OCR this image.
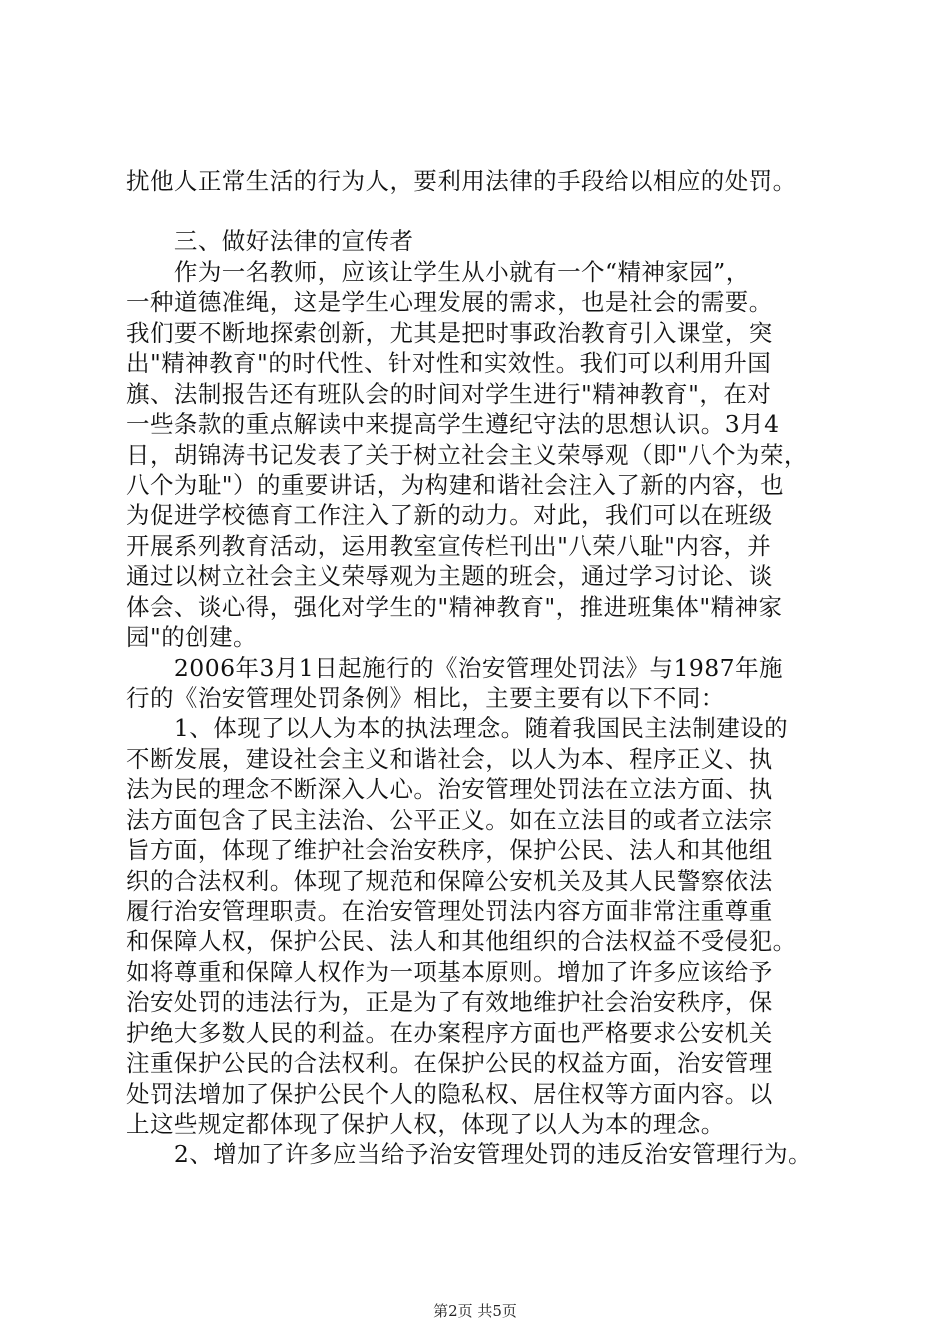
扰他人正常生活的行为人，要利用法律的手段给以相应的处罚。
　　三、做好法律的宣传者
　　作为一名教师，应该让学生从小就有一个“精神家园”，
一种道德准绳，这是学生心理发展的需求，也是社会的需要。
我们要不断地探索创新，尤其是把时事政治教育引入课堂，突
出"精神教育"的时代性、针对性和实效性。我们可以利用升国
旗、法制报告还有班队会的时间对学生进行"精神教育"，在对
一些条款的重点解读中来提高学生遵纪守法的思想认识。3月4
日，胡锦涛书记发表了关于树立社会主义荣辱观（即"八个为荣，
八个为耻"）的重要讲话，为构建和谐社会注入了新的内容，也
为促进学校德育工作注入了新的动力。对此，我们可以在班级
开展系列教育活动，运用教室宣传栏刊出"八荣八耻"内容，并
通过以树立社会主义荣辱观为主题的班会，通过学习讨论、谈
体会、谈心得，强化对学生的"精神教育"，推进班集体"精神家
园"的创建。
　　2006年3月1日起施行的《治安管理处罚法》与1987年施
行的《治安管理处罚条例》相比，主要主要有以下不同：
　　1、体现了以人为本的执法理念。随着我国民主法制建设的
不断发展，建设社会主义和谐社会，以人为本、程序正义、执
法为民的理念不断深入人心。治安管理处罚法在立法方面、执
法方面包含了民主法治、公平正义。如在立法目的或者立法宗
旨方面，体现了维护社会治安秩序，保护公民、法人和其他组
织的合法权利。体现了规范和保障公安机关及其人民警察依法
履行治安管理职责。在治安管理处罚法内容方面非常注重尊重
和保障人权，保护公民、法人和其他组织的合法权益不受侵犯。
如将尊重和保障人权作为一项基本原则。增加了许多应该给予
治安处罚的违法行为，正是为了有效地维护社会治安秩序，保
护绝大多数人民的利益。在办案程序方面也严格要求公安机关
注重保护公民的合法权利。在保护公民的权益方面，治安管理
处罚法增加了保护公民个人的隐私权、居住权等方面内容。以
上这些规定都体现了保护人权，体现了以人为本的理念。
　　2、增加了许多应当给予治安管理处罚的违反治安管理行为。
第2页 共5页
